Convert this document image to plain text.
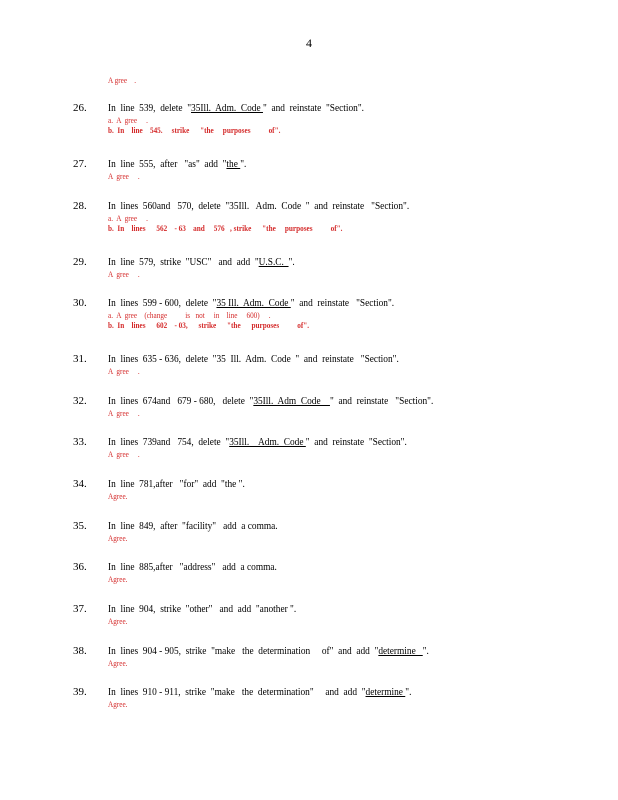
4
A gree    .
26. In  line  539,  delete  "35Ill.  Adm.  Code "  and  reinstate  "Section".
a.  A  gree     .
b.  In    line    545.     strike      "the     purposes          of".
27. In  line  555,  after   "as"  add  "the ".
A  gree     .
28. In  lines  560and   570,  delete  "35Ill.   Adm.  Code  "  and  reinstate   "Section".
a.  A  gree     .
b.  In    lines      562    - 63    and     576   , strike      "the     purposes          of".
29. In  line  579,  strike  "USC"   and  add  "U.S.C.  ".
A  gree     .
30. In  lines  599 - 600,  delete  "35 Ill.  Adm.  Code "  and  reinstate   "Section".
a.  A  gree    (change          is   not     in    line     600)     .
b.  In    lines      602    - 03,      strike      "the      purposes          of".
31. In  lines  635 - 636,  delete  "35  Ill.  Adm.  Code  "  and  reinstate   "Section".
A  gree     .
32. In  lines  674and   679 - 680,   delete  "35Ill.  Adm  Code    "  and  reinstate   "Section".
A  gree     .
33. In  lines  739and   754,  delete  "35Ill.    Adm.  Code "  and  reinstate  "Section".
A  gree     .
34. In  line  781,after   "for"  add  "the ".
Agree.
35. In  line  849,  after  "facility"   add  a comma.
Agree.
36. In  line  885,after   "address"   add  a comma.
Agree.
37. In  line  904,  strike  "other"   and  add  "another ".
Agree.
38. In  lines  904 - 905,  strike  "make   the  determination     of"  and  add  "determine   ".
Agree.
39. In  lines  910 - 911,  strike  "make   the  determination"     and  add  "determine ".
Agree.
